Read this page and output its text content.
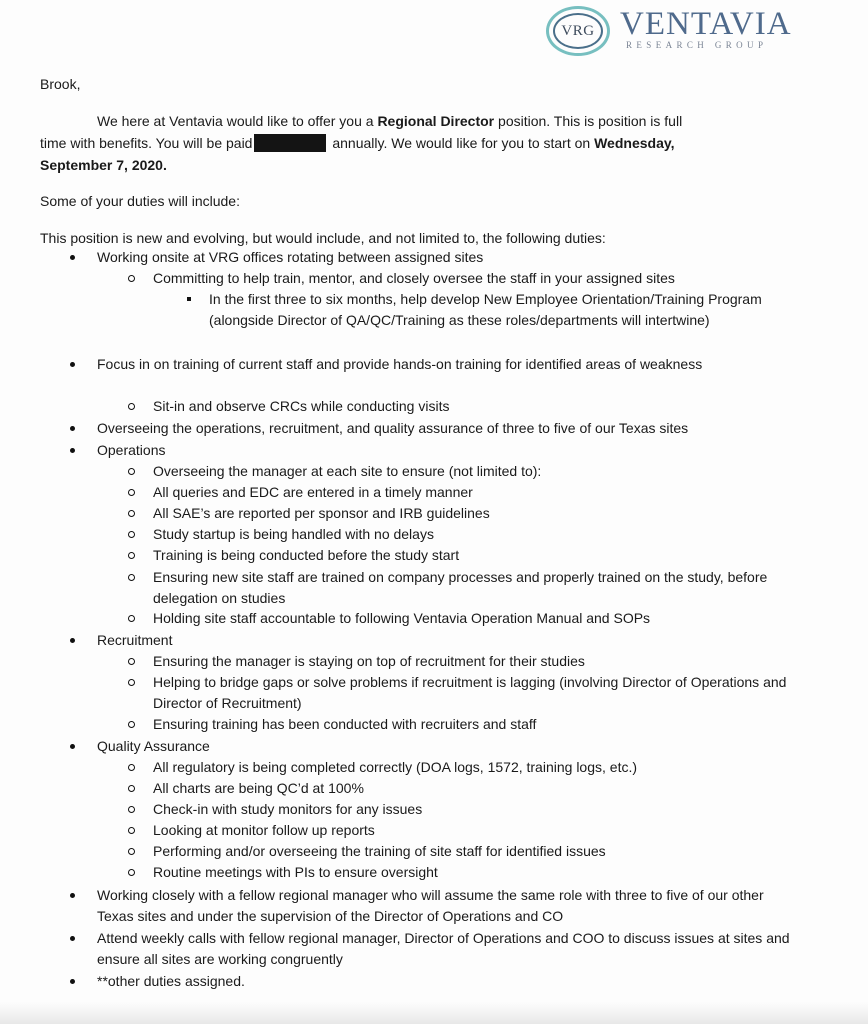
VRG VENTAVIA
RESEARCH GROUP
Brook,
We here at Ventavia would like to offer you a Regional Director position. This is position is full
time with benefits. You will be paid	annually. We would like for you to start on Wednesday,
September 7, 2020.
Some of your duties will include:
This position is new and evolving, but would include, and not limited to, the following duties:
Working onsite at VRG offices rotating between assigned sites
Committing to help train, mentor, and closely oversee the staff in your assigned sites
In the first three to six months, help develop New Employee Orientation/Training Program (alongside Director of QA/QC/Training as these roles/departments will intertwine)
Focus in on training of current staff and provide hands-on training for identified areas of weakness
Sit-in and observe CRCs while conducting visits
Overseeing the operations, recruitment, and quality assurance of three to five of our Texas sites
Operations
Overseeing the manager at each site to ensure (not limited to):
All queries and EDC are entered in a timely manner
All SAE’s are reported per sponsor and IRB guidelines
Study startup is being handled with no delays
Training is being conducted before the study start
Ensuring new site staff are trained on company processes and properly trained on the study, before delegation on studies
Holding site staff accountable to following Ventavia Operation Manual and SOPs
Recruitment
Ensuring the manager is staying on top of recruitment for their studies
Helping to bridge gaps or solve problems if recruitment is lagging (involving Director of Operations and Director of Recruitment)
Ensuring training has been conducted with recruiters and staff
Quality Assurance
All regulatory is being completed correctly (DOA logs, 1572, training logs, etc.)
All charts are being QC’d at 100%
Check-in with study monitors for any issues
Looking at monitor follow up reports
Performing and/or overseeing the training of site staff for identified issues
Routine meetings with PIs to ensure oversight
Working closely with a fellow regional manager who will assume the same role with three to five of our other Texas sites and under the supervision of the Director of Operations and CO
Attend weekly calls with fellow regional manager, Director of Operations and COO to discuss issues at sites and ensure all sites are working congruently
**other duties assigned.
